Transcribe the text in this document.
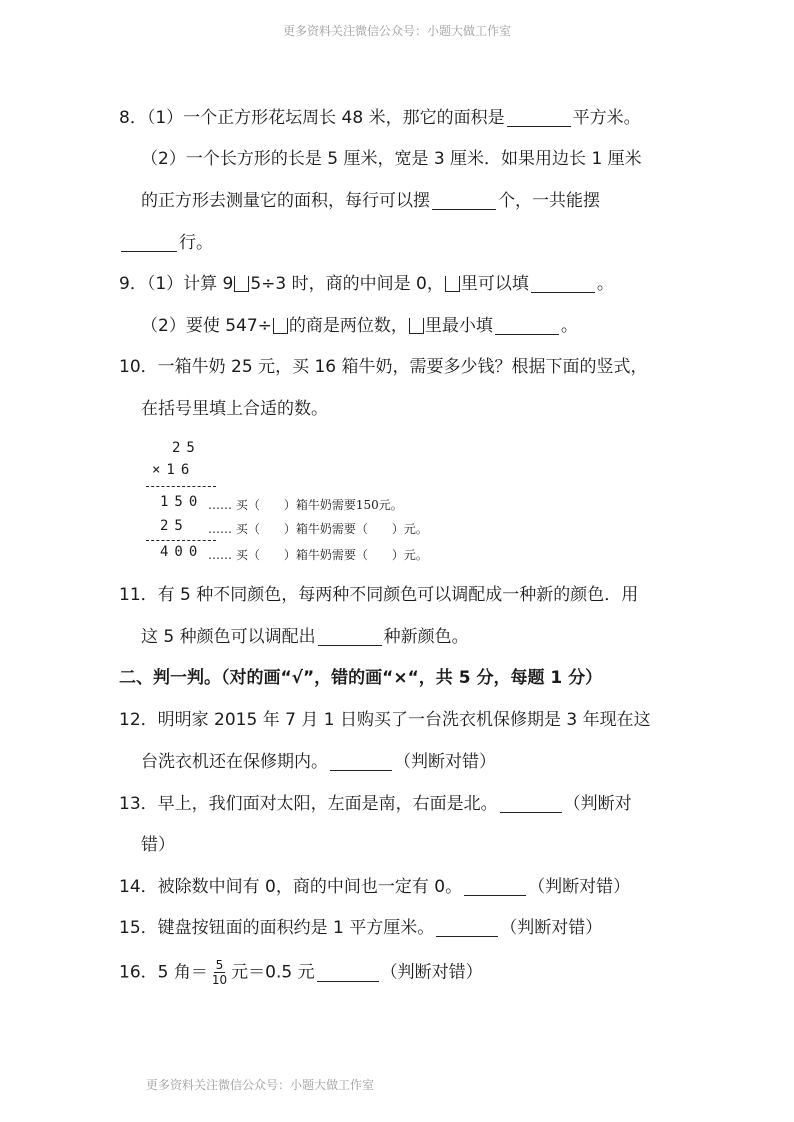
更多资料关注微信公众号：小题大做工作室
8．（1）一个正方形花坛周长 48 米，那它的面积是	平方米。
（2）一个长方形的长是 5 厘米，宽是 3 厘米．如果用边长 1 厘米
的正方形去测量它的面积，每行可以摆	个，一共能摆
行。
9．（1）计算 9 5÷3 时，商的中间是 0， 里可以填	。
（2）要使 547÷ 的商是两位数， 里最小填	。
10．一箱牛奶 25 元，买 16 箱牛奶，需要多少钱？根据下面的竖式，
在括号里填上合适的数。
25
×16
150 …… 买（　　）箱牛奶需要150元。
25 …… 买（　　）箱牛奶需要（　　）元。
400 …… 买（　　）箱牛奶需要（　　）元。
11．有 5 种不同颜色，每两种不同颜色可以调配成一种新的颜色．用
这 5 种颜色可以调配出	种新颜色。
二、判一判。（对的画“√”，错的画“×“，共 5 分，每题 1 分）
12．明明家 2015 年 7 月 1 日购买了一台洗衣机保修期是 3 年现在这
台洗衣机还在保修期内。	（判断对错）
13．早上，我们面对太阳，左面是南，右面是北。	（判断对
错）
14．被除数中间有 0，商的中间也一定有 0。	（判断对错）
15．键盘按钮面的面积约是 1 平方厘米。	（判断对错）
16．5 角＝ $\frac{5}{10}$ 元＝0.5 元	（判断对错）
更多资料关注微信公众号：小题大做工作室
